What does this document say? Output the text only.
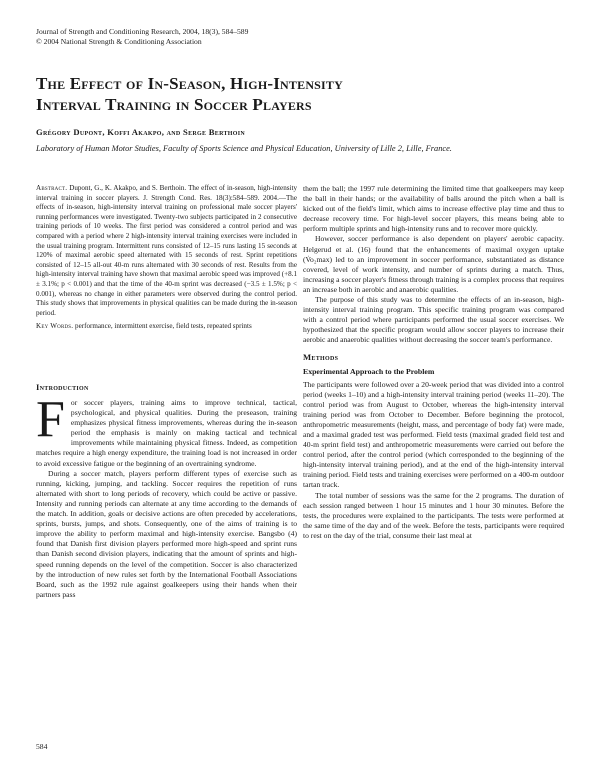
Journal of Strength and Conditioning Research, 2004, 18(3), 584–589
© 2004 National Strength & Conditioning Association
The Effect of In-Season, High-Intensity
Interval Training in Soccer Players
Grégory Dupont, Koffi Akakpo, and Serge Berthoin
Laboratory of Human Motor Studies, Faculty of Sports Science and Physical Education, University of Lille 2, Lille, France.

Abstract. Dupont, G., K. Akakpo, and S. Berthoin. The effect of in-season, high-intensity interval training in soccer players. J. Strength Cond. Res. 18(3):584–589. 2004.—The effects of in-season, high-intensity interval training on professional male soccer players' running performances were investigated. Twenty-two subjects participated in 2 consecutive training periods of 10 weeks. The first period was considered a control period and was compared with a period where 2 high-intensity interval training exercises were included in the usual training program. Intermittent runs consisted of 12–15 runs lasting 15 seconds at 120% of maximal aerobic speed alternated with 15 seconds of rest. Sprint repetitions consisted of 12–15 all-out 40-m runs alternated with 30 seconds of rest. Results from the high-intensity interval training have shown that maximal aerobic speed was improved (+8.1 ± 3.1%; p < 0.001) and that the time of the 40-m sprint was decreased (−3.5 ± 1.5%; p < 0.001), whereas no change in either parameters were observed during the control period. This study shows that improvements in physical qualities can be made during the in-season period.

Key Words. performance, intermittent exercise, field tests, repeated sprints
Introduction

For soccer players, training aims to improve technical, tactical, psychological, and physical qualities. During the preseason, training emphasizes physical fitness improvements, whereas during the in-season period the emphasis is mainly on making tactical and technical improvements while maintaining physical fitness. Indeed, as competition matches require a high energy expenditure, the training load is not increased in order to avoid excessive fatigue or the beginning of an overtraining syndrome.

During a soccer match, players perform different types of exercise such as running, kicking, jumping, and tackling. Soccer requires the repetition of runs alternated with short to long periods of recovery, which could be active or passive. Intensity and running periods can alternate at any time according to the demands of the match. In addition, goals or decisive actions are often preceded by accelerations, sprints, bursts, jumps, and shots. Consequently, one of the aims of training is to improve the ability to perform maximal and high-intensity exercise. Bangsbo (4) found that Danish first division players performed more high-speed and sprint runs than Danish second division players, indicating that the amount of sprints and high-speed running depends on the level of the competition. Soccer is also characterized by the introduction of new rules set forth by the International Football Associations Board, such as the 1992 rule against goalkeepers using their hands when their partners pass

them the ball; the 1997 rule determining the limited time that goalkeepers may keep the ball in their hands; or the availability of balls around the pitch when a ball is kicked out of the field's limit, which aims to increase effective play time and thus to decrease recovery time. For high-level soccer players, this means being able to perform multiple sprints and high-intensity runs and to recover more quickly.

However, soccer performance is also dependent on players' aerobic capacity. Helgerud et al. (16) found that the enhancements of maximal oxygen uptake (V̇o₂max) led to an improvement in soccer performance, substantiated as distance covered, level of work intensity, and number of sprints during a match. Thus, increasing a soccer player's fitness through training is a complex process that requires an increase both in aerobic and anaerobic qualities.

The purpose of this study was to determine the effects of an in-season, high-intensity interval training program. This specific training program was compared with a control period where participants performed the usual soccer exercises. We hypothesized that the specific program would allow soccer players to increase their aerobic and anaerobic qualities without decreasing the soccer team's performance.

Methods
Experimental Approach to the Problem

The participants were followed over a 20-week period that was divided into a control period (weeks 1–10) and a high-intensity interval training period (weeks 11–20). The control period was from August to October, whereas the high-intensity interval training period was from October to December. Before beginning the protocol, anthropometric measurements (height, mass, and percentage of body fat) were made, and a maximal graded test was performed. Field tests (maximal graded field test and 40-m sprint field test) and anthropometric measurements were carried out before the control period, after the control period (which corresponded to the beginning of the high-intensity interval training period), and at the end of the high-intensity interval training period. Field tests and training exercises were performed on a 400-m outdoor tartan track.

The total number of sessions was the same for the 2 programs. The duration of each session ranged between 1 hour 15 minutes and 1 hour 30 minutes. Before the tests, the procedures were explained to the participants. The tests were performed at the same time of the day and of the week. Before the tests, participants were required to rest on the day of the trial, consume their last meal at

584
